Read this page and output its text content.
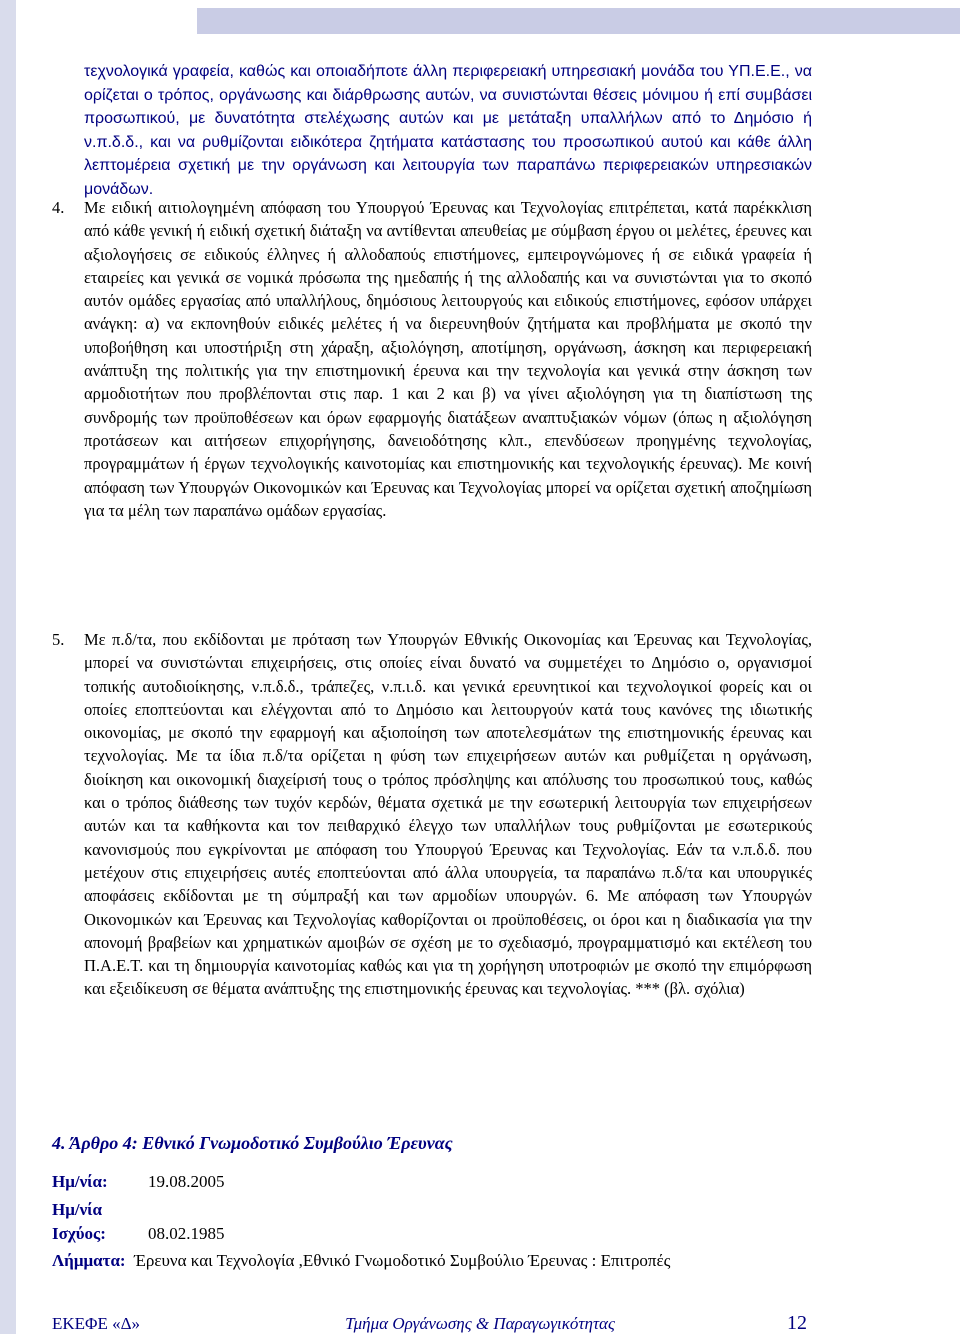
τεχνολογικά γραφεία, καθώς και οποιαδήποτε άλλη περιφερειακή υπηρεσιακή μονάδα του ΥΠ.Ε.Ε., να ορίζεται ο τρόπος, οργάνωσης και διάρθρωσης αυτών, να συνιστώνται θέσεις μόνιμου ή επί συμβάσει προσωπικού, με δυνατότητα στελέχωσης αυτών και με μετάταξη υπαλλήλων από το Δημόσιο ή ν.π.δ.δ., και να ρυθμίζονται ειδικότερα ζητήματα κατάστασης του προσωπικού αυτού και κάθε άλλη λεπτομέρεια σχετική με την οργάνωση και λειτουργία των παραπάνω περιφερειακών υπηρεσιακών μονάδων.
4. Με ειδική αιτιολογημένη απόφαση του Υπουργού Έρευνας και Τεχνολογίας επιτρέπεται, κατά παρέκκλιση από κάθε γενική ή ειδική σχετική διάταξη να αντίθενται απευθείας με σύμβαση έργου οι μελέτες, έρευνες και αξιολογήσεις σε ειδικούς έλληνες ή αλλοδαπούς επιστήμονες, εμπειρογνώμονες ή σε ειδικά γραφεία ή εταιρείες και γενικά σε νομικά πρόσωπα της ημεδαπής ή της αλλοδαπής και να συνιστώνται για το σκοπό αυτόν ομάδες εργασίας από υπαλλήλους, δημόσιους λειτουργούς και ειδικούς επιστήμονες, εφόσον υπάρχει ανάγκη: α) να εκπονηθούν ειδικές μελέτες ή να διερευνηθούν ζητήματα και προβλήματα με σκοπό την υποβοήθηση και υποστήριξη στη χάραξη, αξιολόγηση, αποτίμηση, οργάνωση, άσκηση και περιφερειακή ανάπτυξη της πολιτικής για την επιστημονική έρευνα και την τεχνολογία και γενικά στην άσκηση των αρμοδιοτήτων που προβλέπονται στις παρ. 1 και 2 και β) να γίνει αξιολόγηση για τη διαπίστωση της συνδρομής των προϋποθέσεων και όρων εφαρμογής διατάξεων αναπτυξιακών νόμων (όπως η αξιολόγηση προτάσεων και αιτήσεων επιχορήγησης, δανειοδότησης κλπ., επενδύσεων προηγμένης τεχνολογίας, προγραμμάτων ή έργων τεχνολογικής καινοτομίας και επιστημονικής και τεχνολογικής έρευνας). Με κοινή απόφαση των Υπουργών Οικονομικών και Έρευνας και Τεχνολογίας μπορεί να ορίζεται σχετική αποζημίωση για τα μέλη των παραπάνω ομάδων εργασίας.
5. Με π.δ/τα, που εκδίδονται με πρόταση των Υπουργών Εθνικής Οικονομίας και Έρευνας και Τεχνολογίας, μπορεί να συνιστώνται επιχειρήσεις, στις οποίες είναι δυνατό να συμμετέχει το Δημόσιο ο, οργανισμοί τοπικής αυτοδιοίκησης, ν.π.δ.δ., τράπεζες, ν.π.ι.δ. και γενικά ερευνητικοί και τεχνολογικοί φορείς και οι οποίες εποπτεύονται και ελέγχονται από το Δημόσιο και λειτουργούν κατά τους κανόνες της ιδιωτικής οικονομίας, με σκοπό την εφαρμογή και αξιοποίηση των αποτελεσμάτων της επιστημονικής έρευνας και τεχνολογίας. Με τα ίδια π.δ/τα ορίζεται η φύση των επιχειρήσεων αυτών και ρυθμίζεται η οργάνωση, διοίκηση και οικονομική διαχείρισή τους ο τρόπος πρόσληψης και απόλυσης του προσωπικού τους, καθώς και ο τρόπος διάθεσης των τυχόν κερδών, θέματα σχετικά με την εσωτερική λειτουργία των επιχειρήσεων αυτών και τα καθήκοντα και τον πειθαρχικό έλεγχο των υπαλλήλων τους ρυθμίζονται με εσωτερικούς κανονισμούς που εγκρίνονται με απόφαση του Υπουργού Έρευνας και Τεχνολογίας. Εάν τα ν.π.δ.δ. που μετέχουν στις επιχειρήσεις αυτές εποπτεύονται από άλλα υπουργεία, τα παραπάνω π.δ/τα και υπουργικές αποφάσεις εκδίδονται με τη σύμπραξή και των αρμοδίων υπουργών. 6. Με απόφαση των Υπουργών Οικονομικών και Έρευνας και Τεχνολογίας καθορίζονται οι προϋποθέσεις, οι όροι και η διαδικασία για την απονομή βραβείων και χρηματικών αμοιβών σε σχέση με το σχεδιασμό, προγραμματισμό και εκτέλεση του Π.Α.Ε.Τ. και τη δημιουργία καινοτομίας καθώς και για τη χορήγηση υποτροφιών με σκοπό την επιμόρφωση και εξειδίκευση σε θέματα ανάπτυξης της επιστημονικής έρευνας και τεχνολογίας. *** (βλ. σχόλια)
4. Άρθρο 4: Εθνικό Γνωμοδοτικό Συμβούλιο Έρευνας
Ημ/νία: 19.08.2005
Ημ/νία
Ισχύος: 08.02.1985
Λήμματα: Έρευνα και Τεχνολογία ,Εθνικό Γνωμοδοτικό Συμβούλιο Έρευνας : Επιτροπές
ΕΚΕΦΕ «Δ»	Τμήμα Οργάνωσης & Παραγωγικότητας	12
